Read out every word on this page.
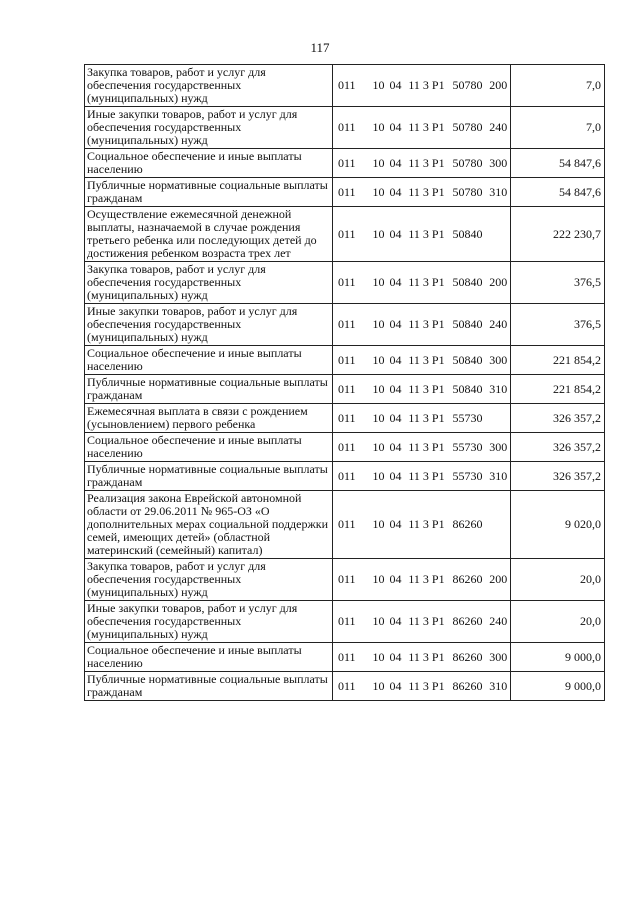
117
Закупка товаров, работ и услуг для обеспечения государственных (муниципальных) нужд	011		10	04	11 3 Р1	50780	200	7,0
Иные закупки товаров, работ и услуг для обеспечения государственных (муниципальных) нужд	011		10	04	11 3 Р1	50780	240	7,0
Социальное обеспечение и иные выплаты населению	011		10	04	11 3 Р1	50780	300	54 847,6
Публичные нормативные социальные выплаты гражданам	011		10	04	11 3 Р1	50780	310	54 847,6
Осуществление ежемесячной денежной выплаты, назначаемой в случае рождения третьего ребенка или последующих детей до достижения ребенком возраста трех лет	011		10	04	11 3 Р1	50840		222 230,7
Закупка товаров, работ и услуг для обеспечения государственных (муниципальных) нужд	011		10	04	11 3 Р1	50840	200	376,5
Иные закупки товаров, работ и услуг для обеспечения государственных (муниципальных) нужд	011		10	04	11 3 Р1	50840	240	376,5
Социальное обеспечение и иные выплаты населению	011		10	04	11 3 Р1	50840	300	221 854,2
Публичные нормативные социальные выплаты гражданам	011		10	04	11 3 Р1	50840	310	221 854,2
Ежемесячная выплата в связи с рождением (усыновлением) первого ребенка	011		10	04	11 3 Р1	55730		326 357,2
Социальное обеспечение и иные выплаты населению	011		10	04	11 3 Р1	55730	300	326 357,2
Публичные нормативные социальные выплаты гражданам	011		10	04	11 3 Р1	55730	310	326 357,2
Реализация закона Еврейской автономной области от 29.06.2011 № 965-ОЗ «О дополнительных мерах социальной поддержки семей, имеющих детей» (областной материнский (семейный) капитал)	011		10	04	11 3 Р1	86260		9 020,0
Закупка товаров, работ и услуг для обеспечения государственных (муниципальных) нужд	011		10	04	11 3 Р1	86260	200	20,0
Иные закупки товаров, работ и услуг для обеспечения государственных (муниципальных) нужд	011		10	04	11 3 Р1	86260	240	20,0
Социальное обеспечение и иные выплаты населению	011		10	04	11 3 Р1	86260	300	9 000,0
Публичные нормативные социальные выплаты гражданам	011		10	04	11 3 Р1	86260	310	9 000,0
